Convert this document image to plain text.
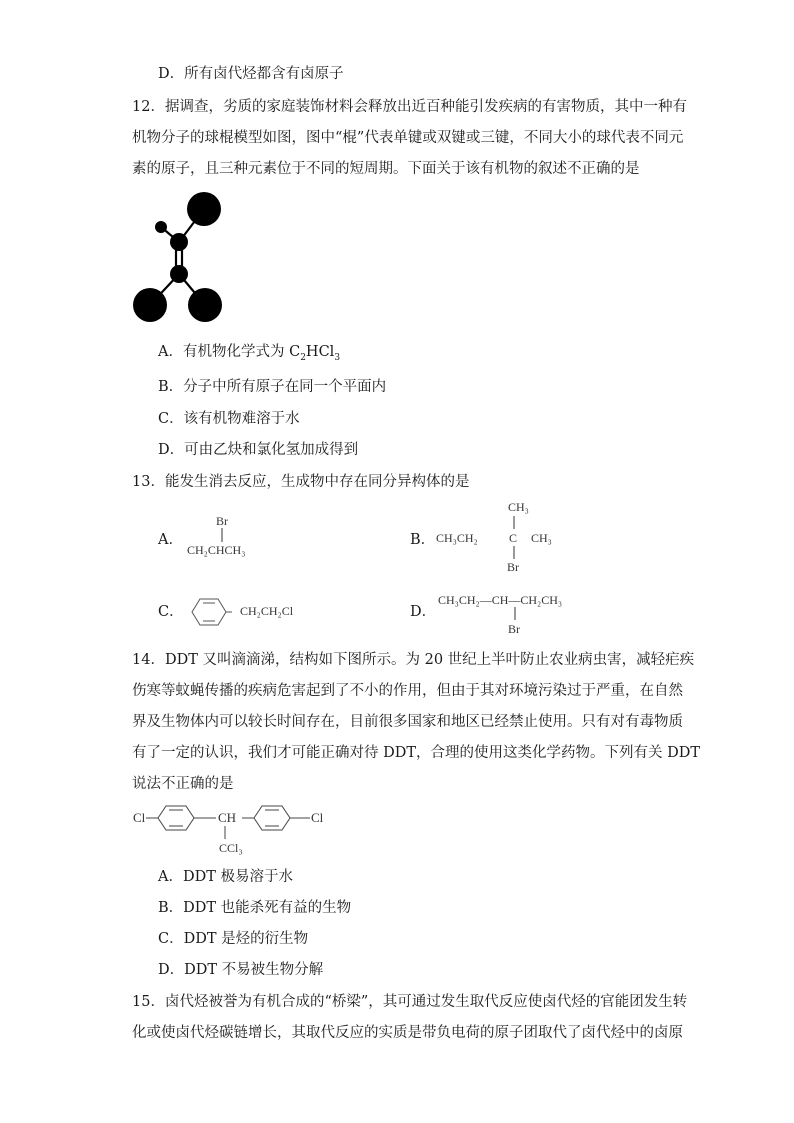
D．所有卤代烃都含有卤原子
12．据调查，劣质的家庭装饰材料会释放出近百种能引发疾病的有害物质，其中一种有
机物分子的球棍模型如图，图中“棍”代表单键或双键或三键，不同大小的球代表不同元
素的原子，且三种元素位于不同的短周期。下面关于该有机物的叙述不正确的是
A．有机物化学式为 $C_2HCl_3$
B．分子中所有原子在同一个平面内
C．该有机物难溶于水
D．可由乙炔和氯化氢加成得到
13．能发生消去反应，生成物中存在同分异构体的是
A．
Br
CH₂CHCH₃
B．
CH₃
CH₃CH₂	C CH₃
Br
C．	CH₂CH₂Cl	D．
CH₃CH₂—CH—CH₂CH₃
Br
14．DDT 又叫滴滴涕，结构如下图所示。为 20 世纪上半叶防止农业病虫害，减轻疟疾
伤寒等蚊蝇传播的疾病危害起到了不小的作用，但由于其对环境污染过于严重，在自然
界及生物体内可以较长时间存在，目前很多国家和地区已经禁止使用。只有对有毒物质
有了一定的认识，我们才可能正确对待 DDT，合理的使用这类化学药物。下列有关 DDT
说法不正确的是
Cl	CH	Cl
CCl₃
A．DDT 极易溶于水
B．DDT 也能杀死有益的生物
C．DDT 是烃的衍生物
D．DDT 不易被生物分解
15．卤代烃被誉为有机合成的“桥梁”，其可通过发生取代反应使卤代烃的官能团发生转
化或使卤代烃碳链增长，其取代反应的实质是带负电荷的原子团取代了卤代烃中的卤原
